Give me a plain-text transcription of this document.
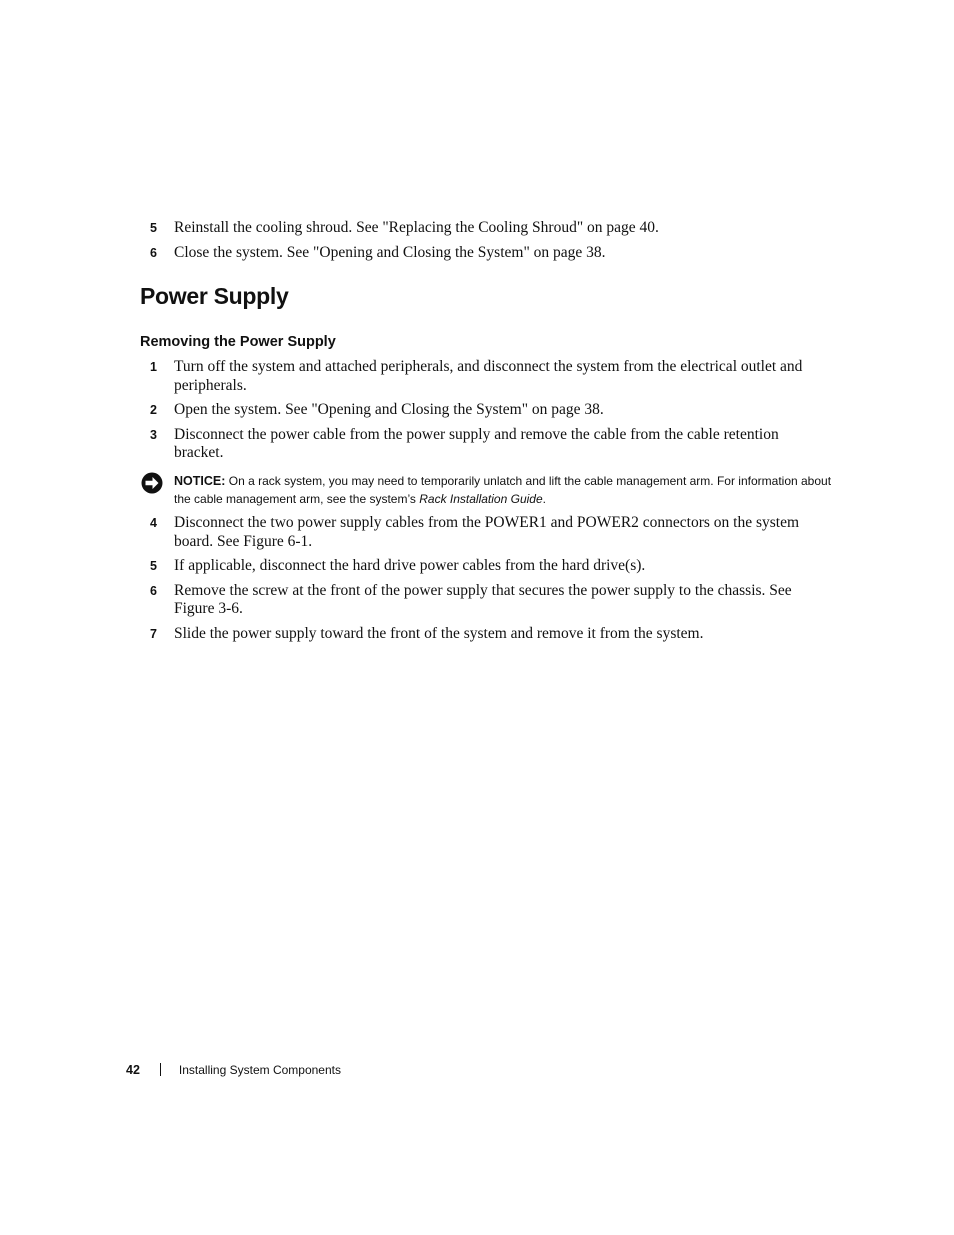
5 Reinstall the cooling shroud. See "Replacing the Cooling Shroud" on page 40.
6 Close the system. See "Opening and Closing the System" on page 38.
Power Supply
Removing the Power Supply
1 Turn off the system and attached peripherals, and disconnect the system from the electrical outlet and peripherals.
2 Open the system. See "Opening and Closing the System" on page 38.
3 Disconnect the power cable from the power supply and remove the cable from the cable retention bracket.
NOTICE: On a rack system, you may need to temporarily unlatch and lift the cable management arm. For information about the cable management arm, see the system’s Rack Installation Guide.
4 Disconnect the two power supply cables from the POWER1 and POWER2 connectors on the system board. See Figure 6-1.
5 If applicable, disconnect the hard drive power cables from the hard drive(s).
6 Remove the screw at the front of the power supply that secures the power supply to the chassis. See Figure 3-6.
7 Slide the power supply toward the front of the system and remove it from the system.
42	Installing System Components
